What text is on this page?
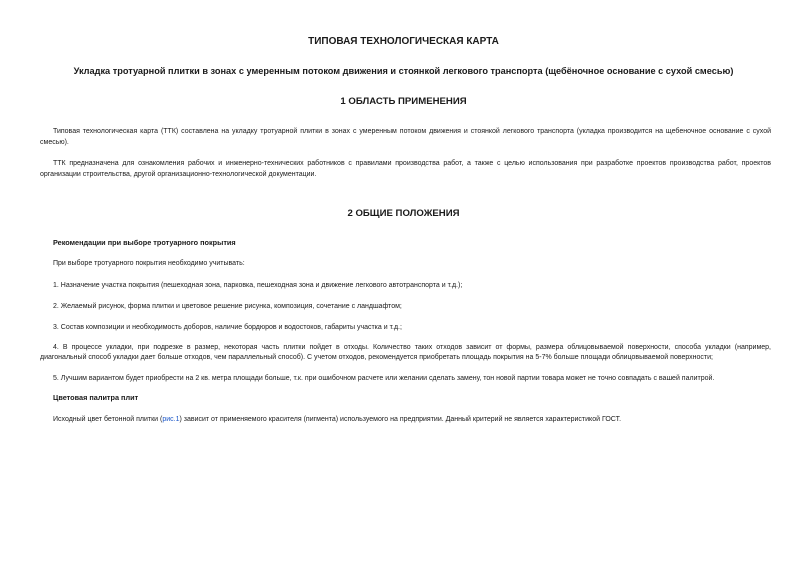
ТИПОВАЯ ТЕХНОЛОГИЧЕСКАЯ КАРТА
Укладка тротуарной плитки в зонах с умеренным потоком движения и стоянкой легкового транспорта (щебёночное основание с сухой смесью)
1 ОБЛАСТЬ ПРИМЕНЕНИЯ
Типовая технологическая карта (ТТК) составлена на укладку тротуарной плитки в зонах с умеренным потоком движения и стоянкой легкового транспорта (укладка производится на щебеночное основание с сухой
смесью).
ТТК предназначена для ознакомления рабочих и инженерно-технических работников с правилами производства работ, а также с целью использования при разработке проектов производства работ, проектов
организации строительства, другой организационно-технологической документации.
2 ОБЩИЕ ПОЛОЖЕНИЯ
Рекомендации при выборе тротуарного покрытия
При выборе тротуарного покрытия необходимо учитывать:
1. Назначение участка покрытия (пешеходная зона, парковка, пешеходная зона и движение легкового автотранспорта и т.д.);
2. Желаемый рисунок, форма плитки и цветовое решение рисунка, композиция, сочетание с ландшафтом;
3. Состав композиции и необходимость доборов, наличие бордюров и водостоков, габариты участка и т.д.;
4. В процессе укладки, при подрезке в размер, некоторая часть плитки пойдет в отходы. Количество таких отходов зависит от формы, размера облицовываемой поверхности, способа укладки (например,
диагональный способ укладки дает больше отходов, чем параллельный способ). С учетом отходов, рекомендуется приобретать площадь покрытия на 5-7% больше площади облицовываемой поверхности;
5. Лучшим вариантом будет приобрести на 2 кв. метра площади больше, т.к. при ошибочном расчете или желании сделать замену, тон новой партии товара может не точно совпадать с вашей палитрой.
Цветовая палитра плит
Исходный цвет бетонной плитки (рис.1) зависит от применяемого красителя (пигмента) используемого на предприятии. Данный критерий не является характеристикой ГОСТ.
